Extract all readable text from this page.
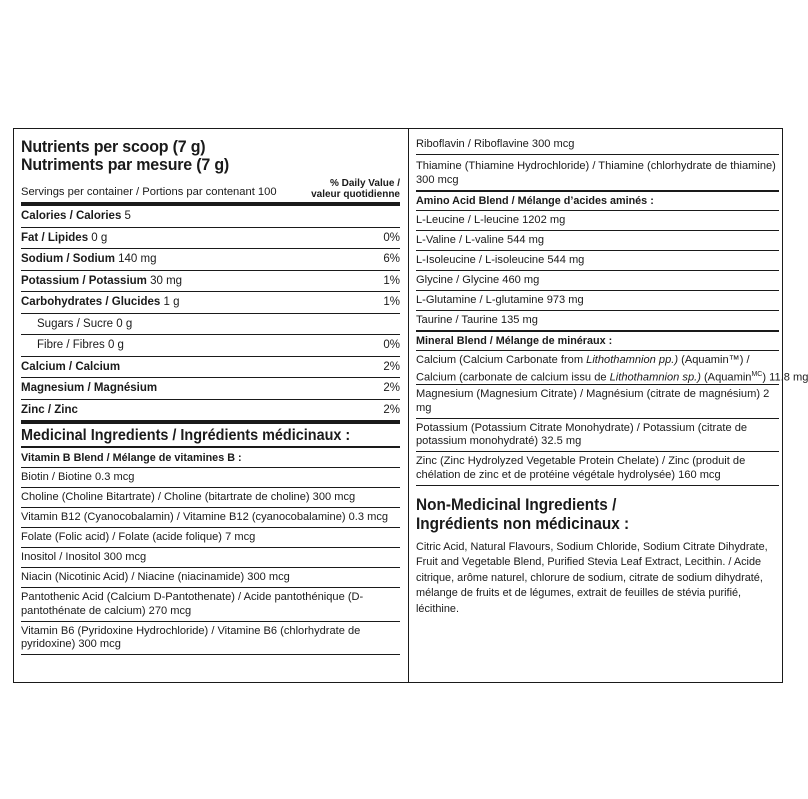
Nutrients per scoop (7 g)
Nutriments par mesure (7 g)
Servings per container / Portions par contenant 100
% Daily Value /
valeur quotidienne
Calories / Calories 5
Fat / Lipides 0 g	0%
Sodium / Sodium 140 mg	6%
Potassium / Potassium 30 mg	1%
Carbohydrates / Glucides 1 g	1%
Sugars / Sucre 0 g
Fibre / Fibres 0 g	0%
Calcium / Calcium	2%
Magnesium / Magnésium	2%
Zinc / Zinc	2%
Medicinal Ingredients / Ingrédients médicinaux :
Vitamin B Blend / Mélange de vitamines B :
Biotin / Biotine 0.3 mcg
Choline (Choline Bitartrate) / Choline (bitartrate de choline) 300 mcg
Vitamin B12 (Cyanocobalamin) / Vitamine B12 (cyanocobalamine) 0.3 mcg
Folate (Folic acid) / Folate (acide folique) 7 mcg
Inositol / Inositol 300 mcg
Niacin (Nicotinic Acid) / Niacine (niacinamide) 300 mcg
Pantothenic Acid (Calcium D-Pantothenate) / Acide pantothénique (D-pantothénate de calcium) 270 mcg
Vitamin B6 (Pyridoxine Hydrochloride) / Vitamine B6 (chlorhydrate de pyridoxine) 300 mcg
Riboflavin / Riboflavine 300 mcg
Thiamine (Thiamine Hydrochloride) / Thiamine (chlorhydrate de thiamine) 300 mcg
Amino Acid Blend / Mélange d’acides aminés :
L-Leucine / L-leucine 1202 mg
L-Valine / L-valine 544 mg
L-Isoleucine / L-isoleucine 544 mg
Glycine / Glycine 460 mg
L-Glutamine / L-glutamine 973 mg
Taurine / Taurine 135 mg
Mineral Blend / Mélange de minéraux :
Calcium (Calcium Carbonate from Lithothamnion pp.) (Aquamin™) /
Calcium (carbonate de calcium issu de Lithothamnion sp.) (Aquamin$^{MC}$) 11.8 mg
Magnesium (Magnesium Citrate) / Magnésium (citrate de magnésium) 2 mg
Potassium (Potassium Citrate Monohydrate) / Potassium (citrate de potassium monohydraté) 32.5 mg
Zinc (Zinc Hydrolyzed Vegetable Protein Chelate) / Zinc (produit de chélation de zinc et de protéine végétale hydrolysée) 160 mcg
Non-Medicinal Ingredients /
Ingrédients non médicinaux :
Citric Acid, Natural Flavours, Sodium Chloride, Sodium Citrate Dihydrate, Fruit and Vegetable Blend, Purified Stevia Leaf Extract, Lecithin. / Acide citrique, arôme naturel, chlorure de sodium, citrate de sodium dihydraté, mélange de fruits et de légumes, extrait de feuilles de stévia purifié, lécithine.
